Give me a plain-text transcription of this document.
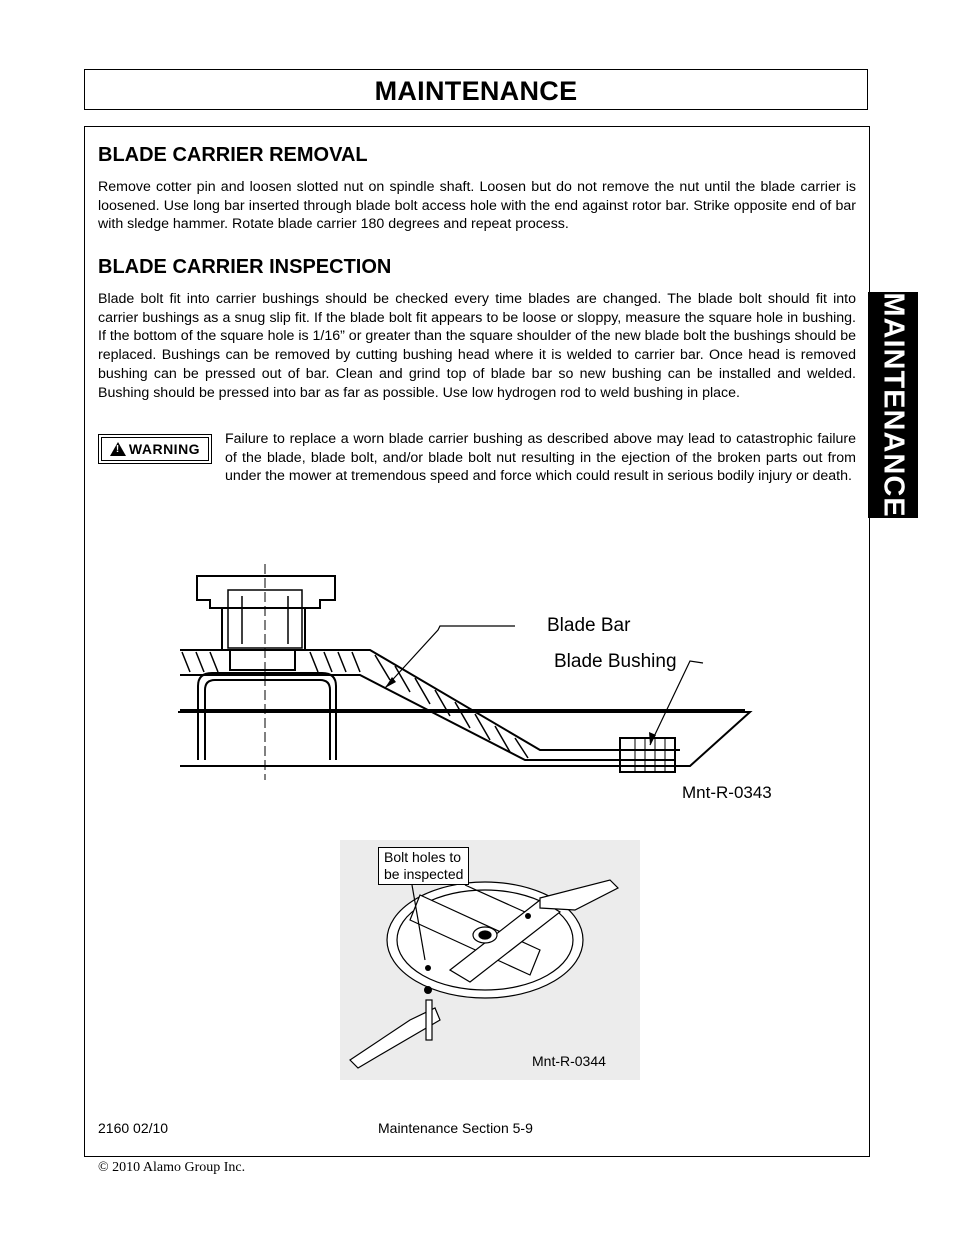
MAINTENANCE
BLADE CARRIER REMOVAL

Remove cotter pin and loosen slotted nut on spindle shaft. Loosen but do not remove the nut until the blade carrier is loosened. Use long bar inserted through blade bolt access hole with the end against rotor bar. Strike opposite end of bar with sledge hammer. Rotate blade carrier 180 degrees and repeat process.

BLADE CARRIER INSPECTION

Blade bolt fit into carrier bushings should be checked every time blades are changed. The blade bolt should fit into carrier bushings as a snug slip fit. If the blade bolt fit appears to be loose or sloppy, measure the square hole in bushing. If the bottom of the square hole is 1/16” or greater than the square shoulder of the new blade bolt the bushings should be replaced. Bushings can be removed by cutting bushing head where it is welded to carrier bar. Once head is removed bushing can be pressed out of bar. Clean and grind top of blade bar so new bushing can be installed and welded. Bushing should be pressed into bar as far as possible. Use low hydrogen rod to weld bushing in place.

!
WARNING

Failure to replace a worn blade carrier bushing as described above may lead to catastrophic failure of the blade, blade bolt, and/or blade bolt nut resulting in the ejection of the broken parts out from under the mower at tremendous speed and force which could result in serious bodily injury or death. MAINTENANCE
Blade Bar
Blade Bushing
Mnt-R-0343
Bolt holes to
be inspected
Mnt-R-0344
2160 02/10	Maintenance Section 5-9
© 2010 Alamo Group Inc.
